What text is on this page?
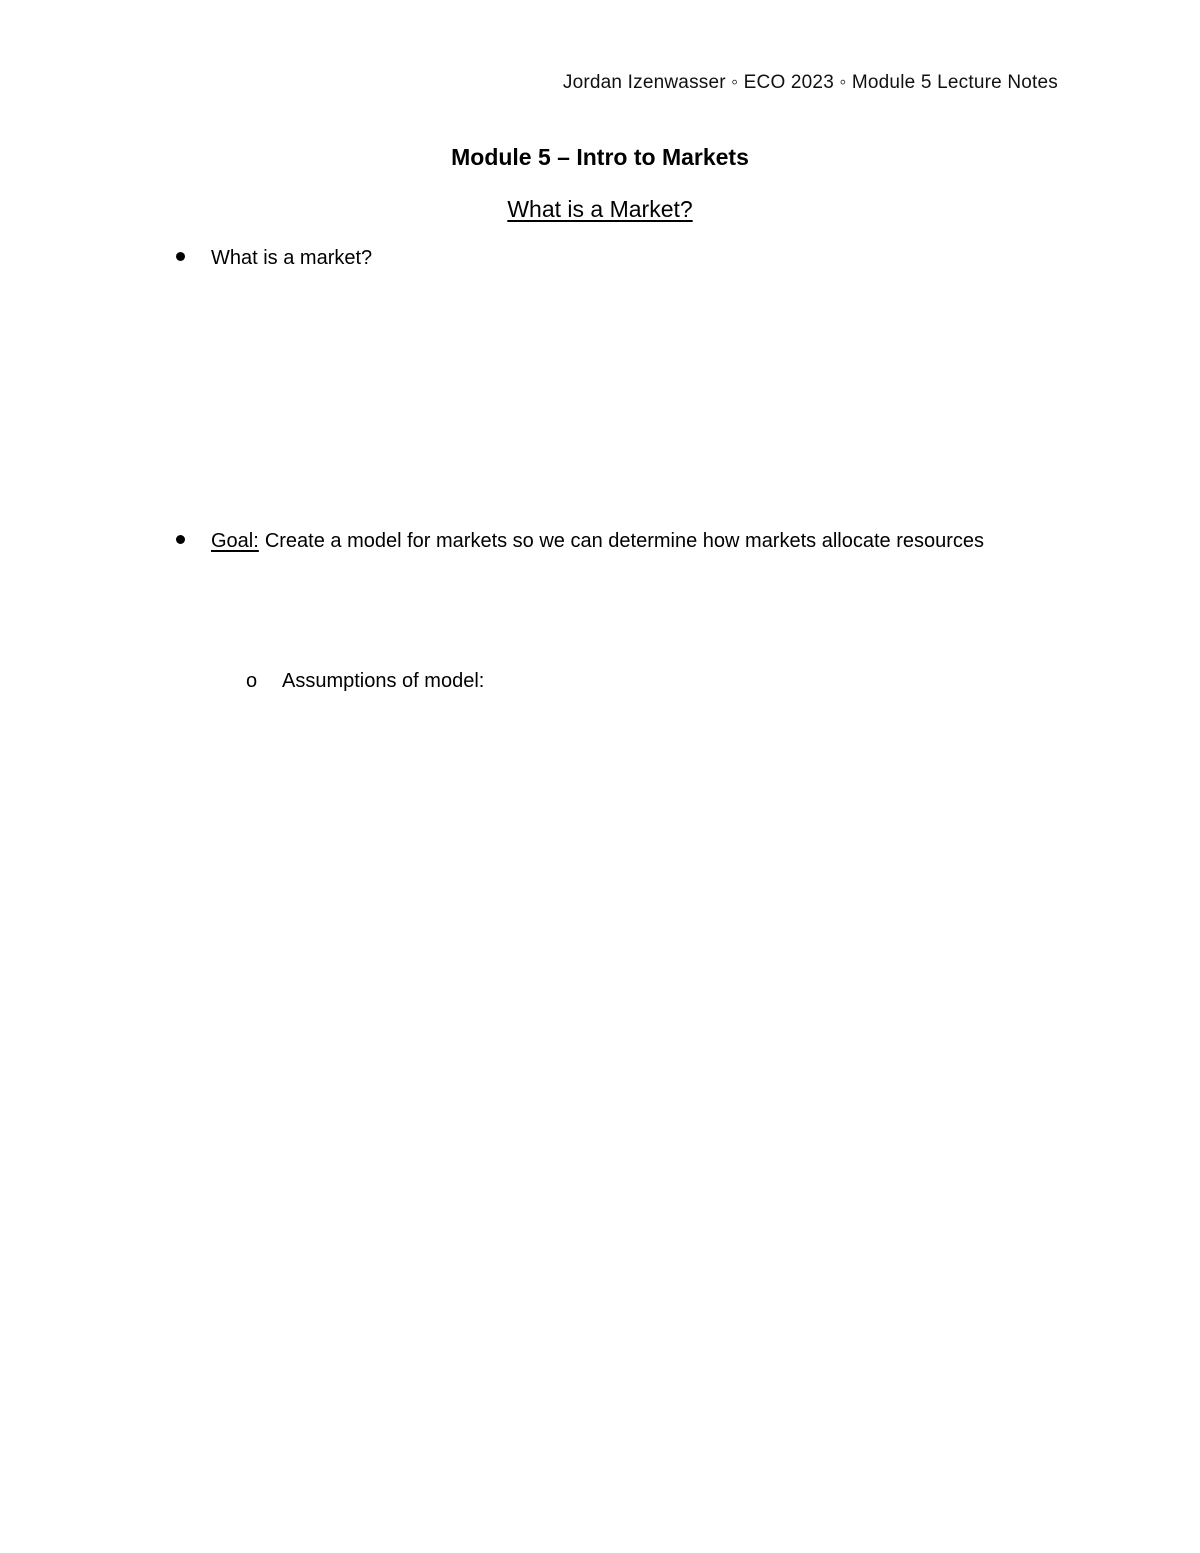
Jordan Izenwasser ◦ ECO 2023 ◦ Module 5 Lecture Notes
Module 5 – Intro to Markets
What is a Market?
What is a market?
Goal: Create a model for markets so we can determine how markets allocate resources
o Assumptions of model:
